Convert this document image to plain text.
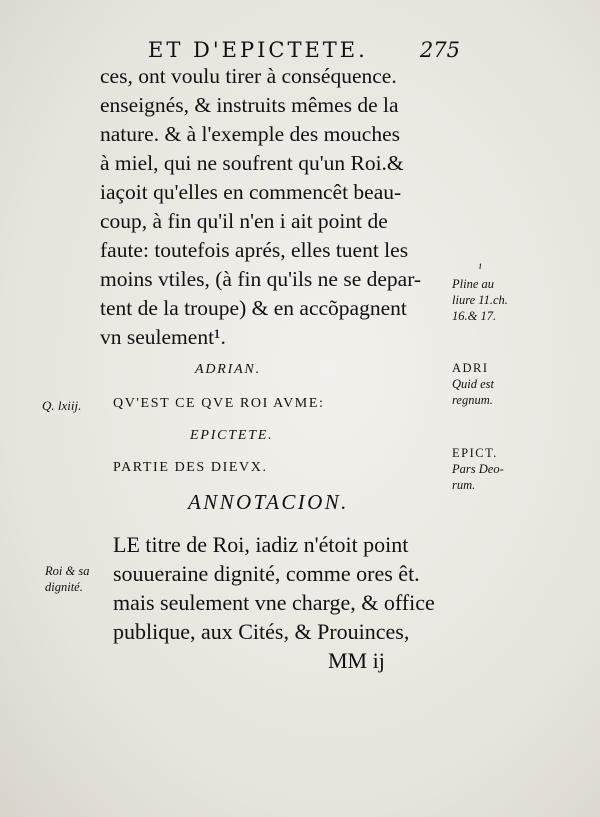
ET D'EPICTETE. 275
ces, ont voulu tirer à conséquence.
enseignés, & instruits mêmes de la
nature. & à l'exemple des mouches
à miel, qui ne soufrent qu'un Roi.&
iaçoit qu'elles en commencêt beau-
coup, à fin qu'il n'en i ait point de
faute: toutefois aprés, elles tuent les
moins vtiles, (à fin qu'ils ne se depar-
tent de la troupe) & en accõpagnent
vn seulement¹.
ADRIAN.
QV'EST CE QVE ROI AVME:
EPICTETE.
PARTIE DES DIEVX.
ANNOTACION.
LE titre de Roi, iadiz n'étoit point
souueraine dignité, comme ores êt.
mais seulement vne charge, & office
publique, aux Cités, & Prouinces,
MM ij
Q. lxiij.
Roi & sa
dignité.
¹
Pline au
liure 11.ch.
16.& 17.
ADRI
Quid est
regnum.
EPICT.
Pars Deo-
rum.
